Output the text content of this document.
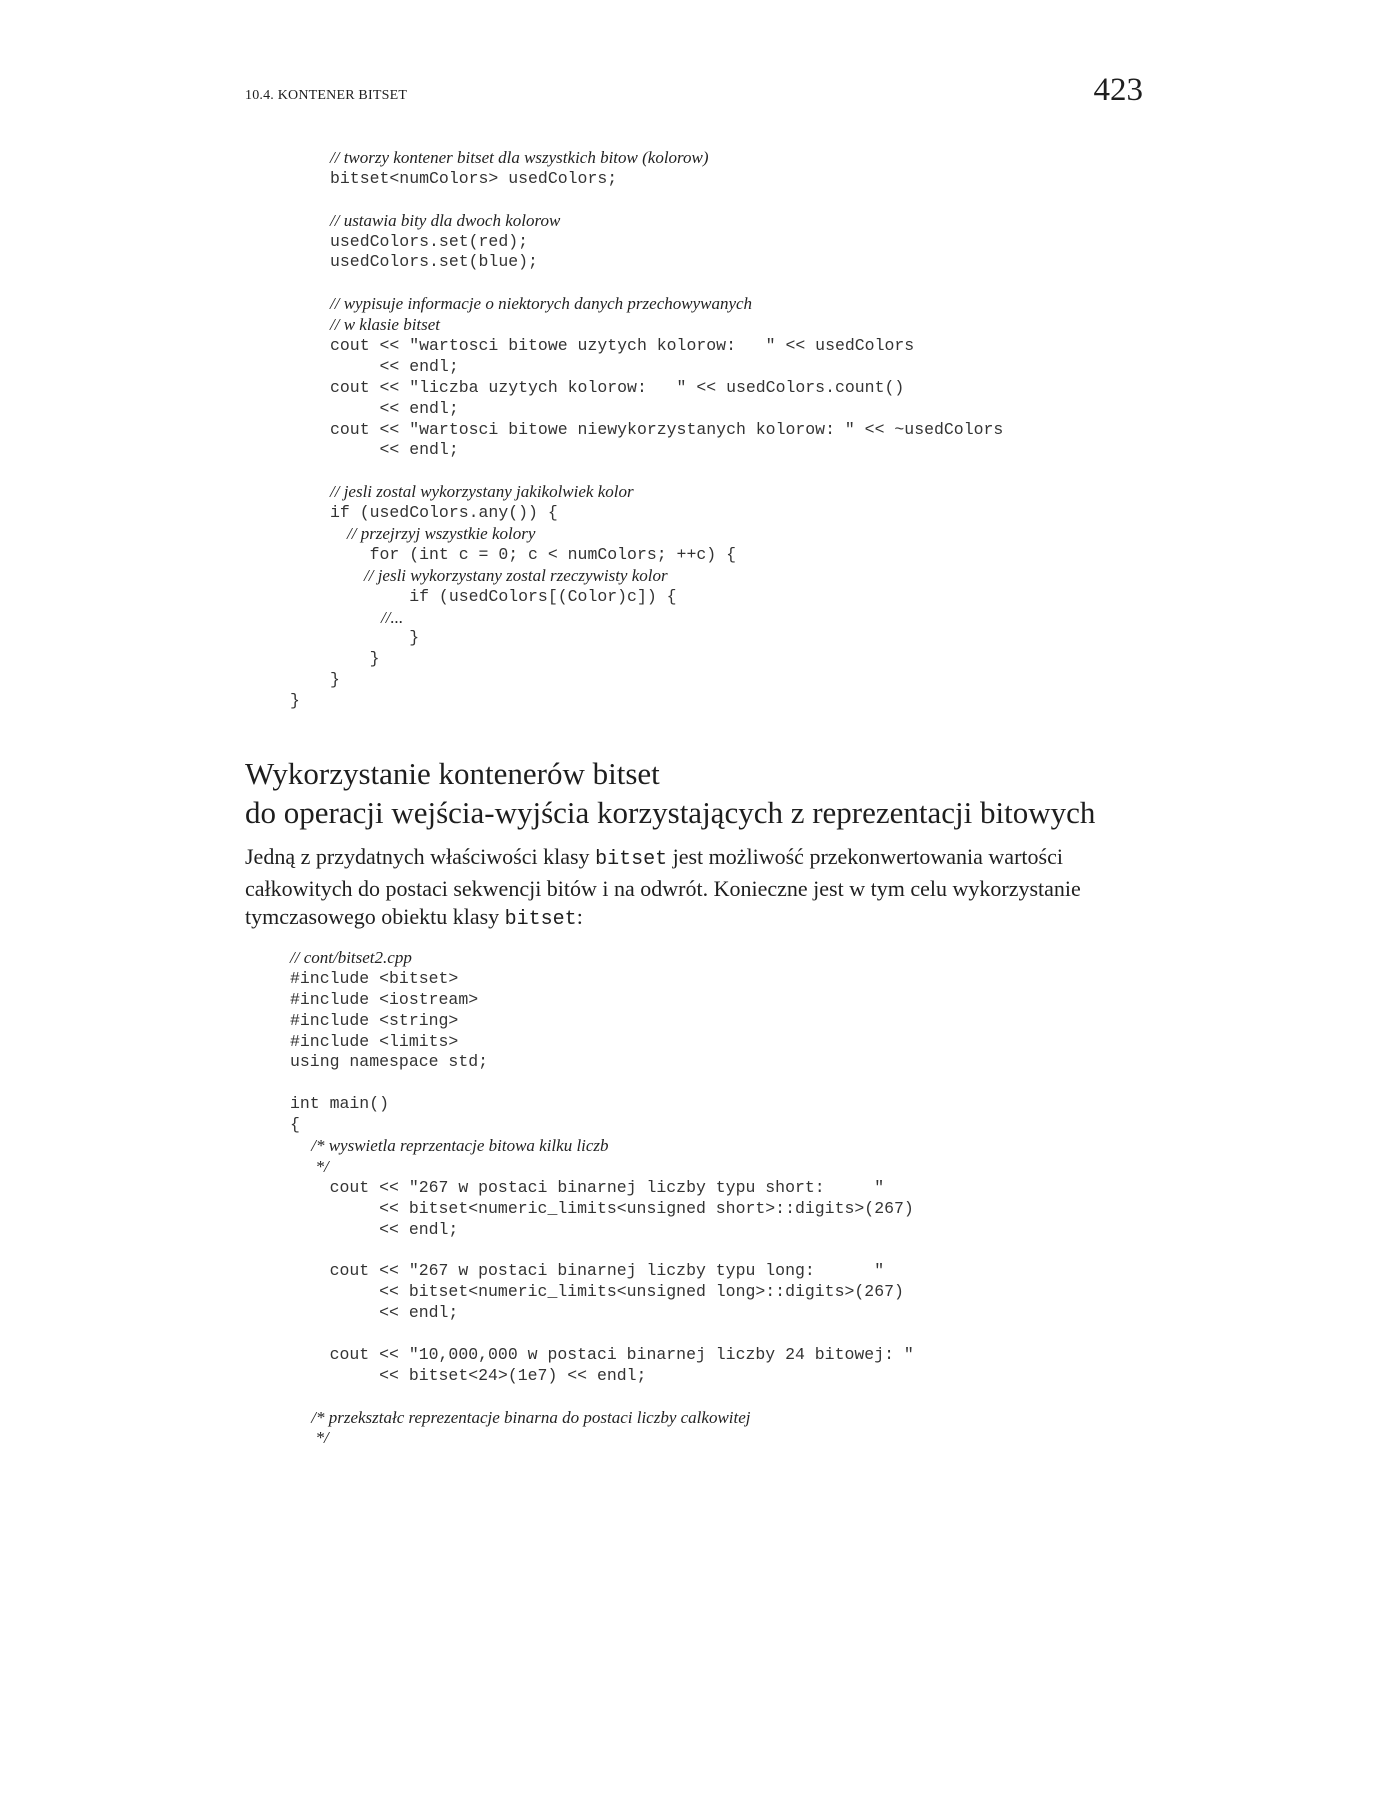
10.4. KONTENER BITSET	423
// tworzy kontener bitset dla wszystkich bitow (kolorow)
bitset<numColors> usedColors;
// ustawia bity dla dwoch kolorow
usedColors.set(red);
usedColors.set(blue);
// wypisuje informacje o niektorych danych przechowywanych
// w klasie bitset
cout << "wartosci bitowe uzytych kolorow:   " << usedColors
<< endl;
cout << "liczba uzytych kolorow:   " << usedColors.count()
<< endl;
cout << "wartosci bitowe niewykorzystanych kolorow: " << ~usedColors
<< endl;
// jesli zostal wykorzystany jakikolwiek kolor
if (usedColors.any()) {
// przejrzyj wszystkie kolory
for (int c = 0; c < numColors; ++c) {
// jesli wykorzystany zostal rzeczywisty kolor
if (usedColors[(Color)c]) {
//...
}
}
}
}
Wykorzystanie kontenerów bitset
do operacji wejścia-wyjścia korzystających z reprezentacji bitowych

Jedną z przydatnych właściwości klasy bitset jest możliwość przekonwertowania wartości całkowitych do postaci sekwencji bitów i na odwrót. Konieczne jest w tym celu wykorzystanie tymczasowego obiektu klasy bitset:

// cont/bitset2.cpp
#include <bitset>
#include <iostream>
#include <string>
#include <limits>
using namespace std;
int main()
{
/* wyswietla reprzentacje bitowa kilku liczb
*/
cout << "267 w postaci binarnej liczby typu short:     "
<< bitset<numeric_limits<unsigned short>::digits>(267)
<< endl;
cout << "267 w postaci binarnej liczby typu long:      "
<< bitset<numeric_limits<unsigned long>::digits>(267)
<< endl;
cout << "10,000,000 w postaci binarnej liczby 24 bitowej: "
<< bitset<24>(1e7) << endl;
/* przekształc reprezentacje binarna do postaci liczby calkowitej
*/
